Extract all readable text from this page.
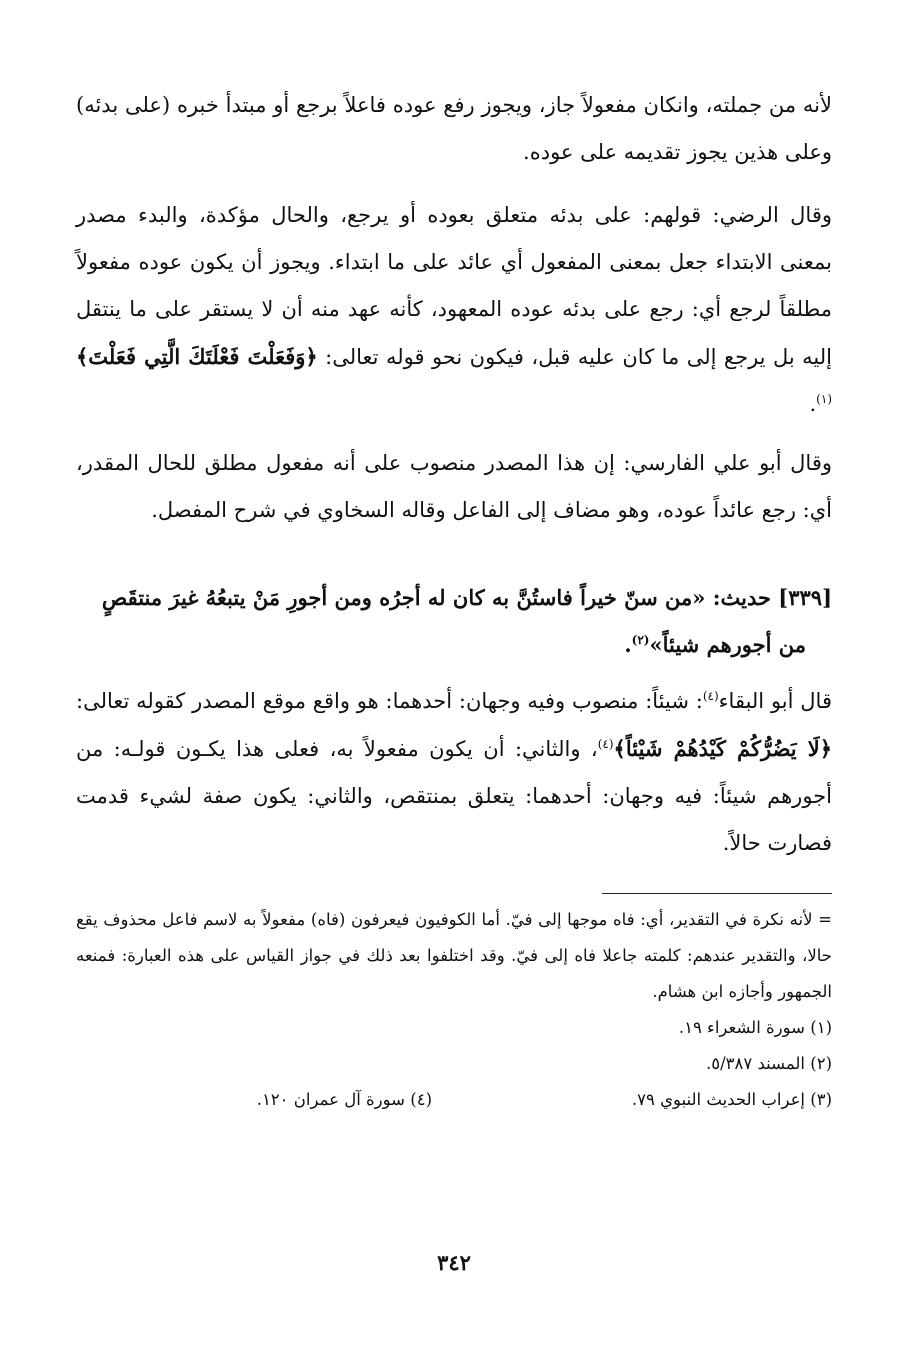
لأنه من جملته، وانكان مفعولاً جاز، ويجوز رفع عوده فاعلاً برجع أو مبتدأ خبره (على بدئه) وعلى هذين يجوز تقديمه على عوده.

وقال الرضي: قولهم: على بدئه متعلق بعوده أو يرجع، والحال مؤكدة، والبدء مصدر بمعنى الابتداء جعل بمعنى المفعول أي عائد على ما ابتداء. ويجوز أن يكون عوده مفعولاً مطلقاً لرجع أي: رجع على بدئه عوده المعهود، كأنه عهد منه أن لا يستقر على ما ينتقل إليه بل يرجع إلى ما كان عليه قبل، فيكون نحو قوله تعالى: ﴿وَفَعَلْتَ فَعْلَتَكَ الَّتِي فَعَلْتَ﴾$^{(١)}$.

وقال أبو علي الفارسي: إن هذا المصدر منصوب على أنه مفعول مطلق للحال المقدر، أي: رجع عائداً عوده، وهو مضاف إلى الفاعل وقاله السخاوي في شرح المفصل.

[٣٣٩] حديث: «من سنّ خيراً فاستُنَّ به كان له أجرُه ومن أجورِ مَنْ يتبعُهُ غيرَ منتقَصٍ
من أجورهم شيئاً»$^{(٢)}$.

قال أبو البقاء$^{(٤)}$: شيئاً: منصوب وفيه وجهان: أحدهما: هو واقع موقع المصدر كقوله تعالى: ﴿لَا يَضُرُّكُمْ كَيْدُهُمْ شَيْئاً﴾$^{(٤)}$، والثاني: أن يكون مفعولاً به، فعلى هذا يكـون قولـه: من أجورهم شيئاً: فيه وجهان: أحدهما: يتعلق بمنتقص، والثاني: يكون صفة لشيء قدمت فصارت حالاً.

= لأنه نكرة في التقدير، أي: فاه موجها إلى فيّ. أما الكوفيون فيعرفون (فاه) مفعولاً به لاسم فاعل محذوف يقع حالا، والتقدير عندهم: كلمته جاعلا فاه إلى فيّ. وقد اختلفوا بعد ذلك في جواز القياس على هذه العبارة: فمنعه الجمهور وأجازه ابن هشام.
(١) سورة الشعراء ١٩.
(٢) المسند ٥/٣٨٧.
(٣) إعراب الحديث النبوي ٧٩.
(٤) سورة آل عمران ١٢٠.
٣٤٢
